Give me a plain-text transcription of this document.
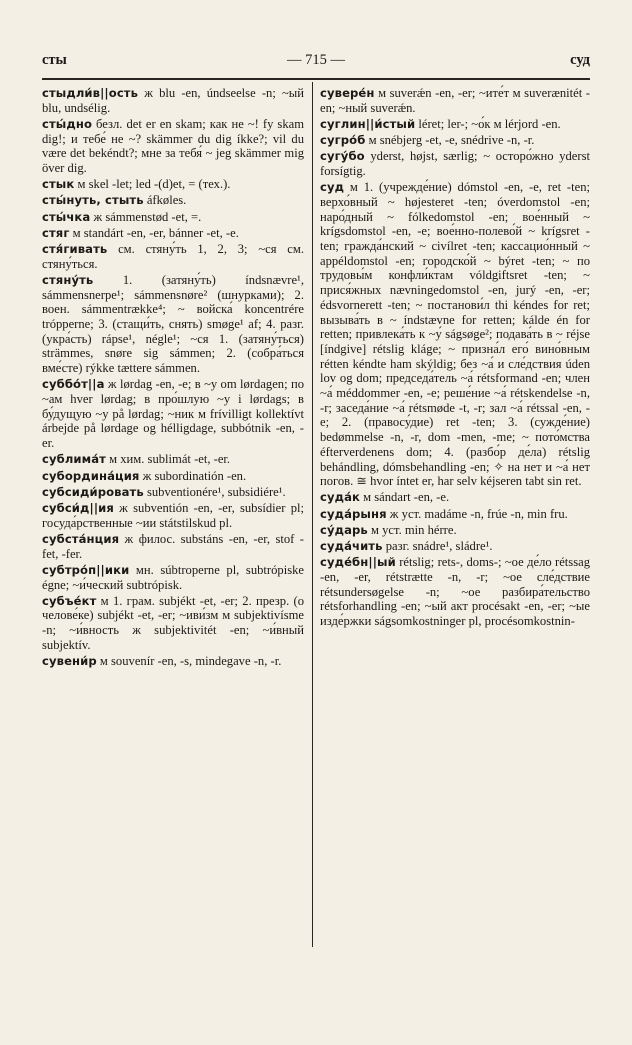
сты	— 715 —	суд
стыдли́в||ость ж blu -en, úndseelse -n; ~ый blu, undsélig.
сты́дно безл. det er en skam; как не ~! fy skam dig!; и тебе́ не ~? skämmer du dig íkke?; vil du være det bekéndt?; мне за тебя́ ~ jeg skämmer mig över dig.
стык м skel -let; led -(d)et, = (тех.).
сты́нуть, стыть áfkøles.
сты́чка ж sámmenstød -et, =.
стяг м standárt -en, -er, bánner -et, -e.
стя́гивать см. стяну́ть 1, 2, 3; ~ся см. стяну́ться.
стяну́ть 1. (затяну́ть) índsnævre¹, sámmensnerpe¹; sámmensnøre² (шнурками); 2. воен. sámmentrække⁴; ~ войска́ koncentrére trópperne; 3. (стащи́ть, снять) smøge¹ af; 4. разг. (укра́сть) rápse¹, négle¹; ~ся 1. (затяну́ться) strämmes, snøre sig sámmen; 2. (собра́ться вме́сте) rýkke tættere sámmen.
суббо́т||а ж lørdag -en, -e; в ~у om lørdagen; по ~ам hver lørdag; в про́шлую ~у i lørdags; в бу́дущую ~у på lørdag; ~ник м frívilligt kollektívt árbejde på lørdage og hélligdage, subbótnik -en, -er.
сублима́т м хим. sublimát -et, -er.
субордина́ция ж subordinatión -en.
субсиди́ровать subventionére¹, subsidiére¹.
субси́д||ия ж subventión -en, -er, subsídier pl; госуда́рственные ~ии státstilskud pl.
субста́нция ж филос. substáns -en, -er, stof -fet, -fer.
субтро́п||ики мн. súbtroperne pl, subtrópiske égne; ~и́ческий subtrópisk.
субъе́кт м 1. грам. subjékt -et, -er; 2. презр. (о челове́ке) subjékt -et, -er; ~иви́зм м subjektivísme -n; ~и́вность ж subjektivitét -en; ~и́вный subjektív.
сувени́р м souvenír -en, -s, mindegave -n, -r.
сувере́н м suverǽn -en, -er; ~ите́т м suverænitét -en; ~ный suverǽn.
суглин||и́стый léret; ler-; ~о́к м lérjord -en.
сугро́б м snébjerg -et, -e, snédrive -n, -r.
сугу́бо yderst, højst, særlig; ~ осторо́жно yderst forsígtig.
суд м 1. (учрежде́ние) dómstol -en, -e, ret -ten; верхо́вный ~ højesteret -ten; óverdomstol -en; наро́дный ~ fólkedomstol -en; вое́нный ~ krígsdomstol -en, -e; вое́нно-полево́й ~ krígsret -ten; гражда́нский ~ civílret -ten; кассацио́нный ~ appéldomstol -en; городско́й ~ býret -ten; ~ по трудовы́м конфли́ктам vóldgiftsret -ten; ~ прися́жных nævningedomstol -en, jurý -en, -er; édsvornerett -ten; ~ постанови́л thi kéndes for ret; вызыва́ть в ~ índstævne for retten; kálde én for retten; привлека́ть к ~у́ ságsøge²; подава́ть в ~ réjse [índgive] rétslig kláge; ~ призна́л его́ вино́вным rétten kéndte ham skýldig; без ~а́ и сле́дствия úden lov og dom; председа́тель ~а́ rétsformand -en; член ~а́ méddommer -en, -e; реше́ние ~а́ rétskendelse -n, -r; заседа́ние ~а́ rétsmøde -t, -r; зал ~а́ rétssal -en, -e; 2. (правосу́дие) ret -ten; 3. (сужде́ние) bedømmelse -n, -r, dom -men, -me; ~ пото́мства éfterverdenens dom; 4. (разбо́р де́ла) rétslig behándling, dómsbehandling -en; ✧ на нет и ~а́ нет погов. ≅ hvor íntet er, har selv kéjseren tabt sin ret.
суда́к м sándart -en, -e.
суда́рыня ж уст. madáme -n, frúe -n, min fru.
су́дарь м уст. min hérre.
суда́чить разг. snádre¹, sládre¹.
суде́бн||ый rétslig; rets-, doms-; ~ое де́ло rétssag -en, -er, rétstrætte -n, -r; ~ое сле́дствие rétsundersøgelse -n; ~ое разбира́тельство rétsforhandling -en; ~ый акт procésakt -en, -er; ~ые изде́ржки ságsomkostninger pl, procésomkostnin-
